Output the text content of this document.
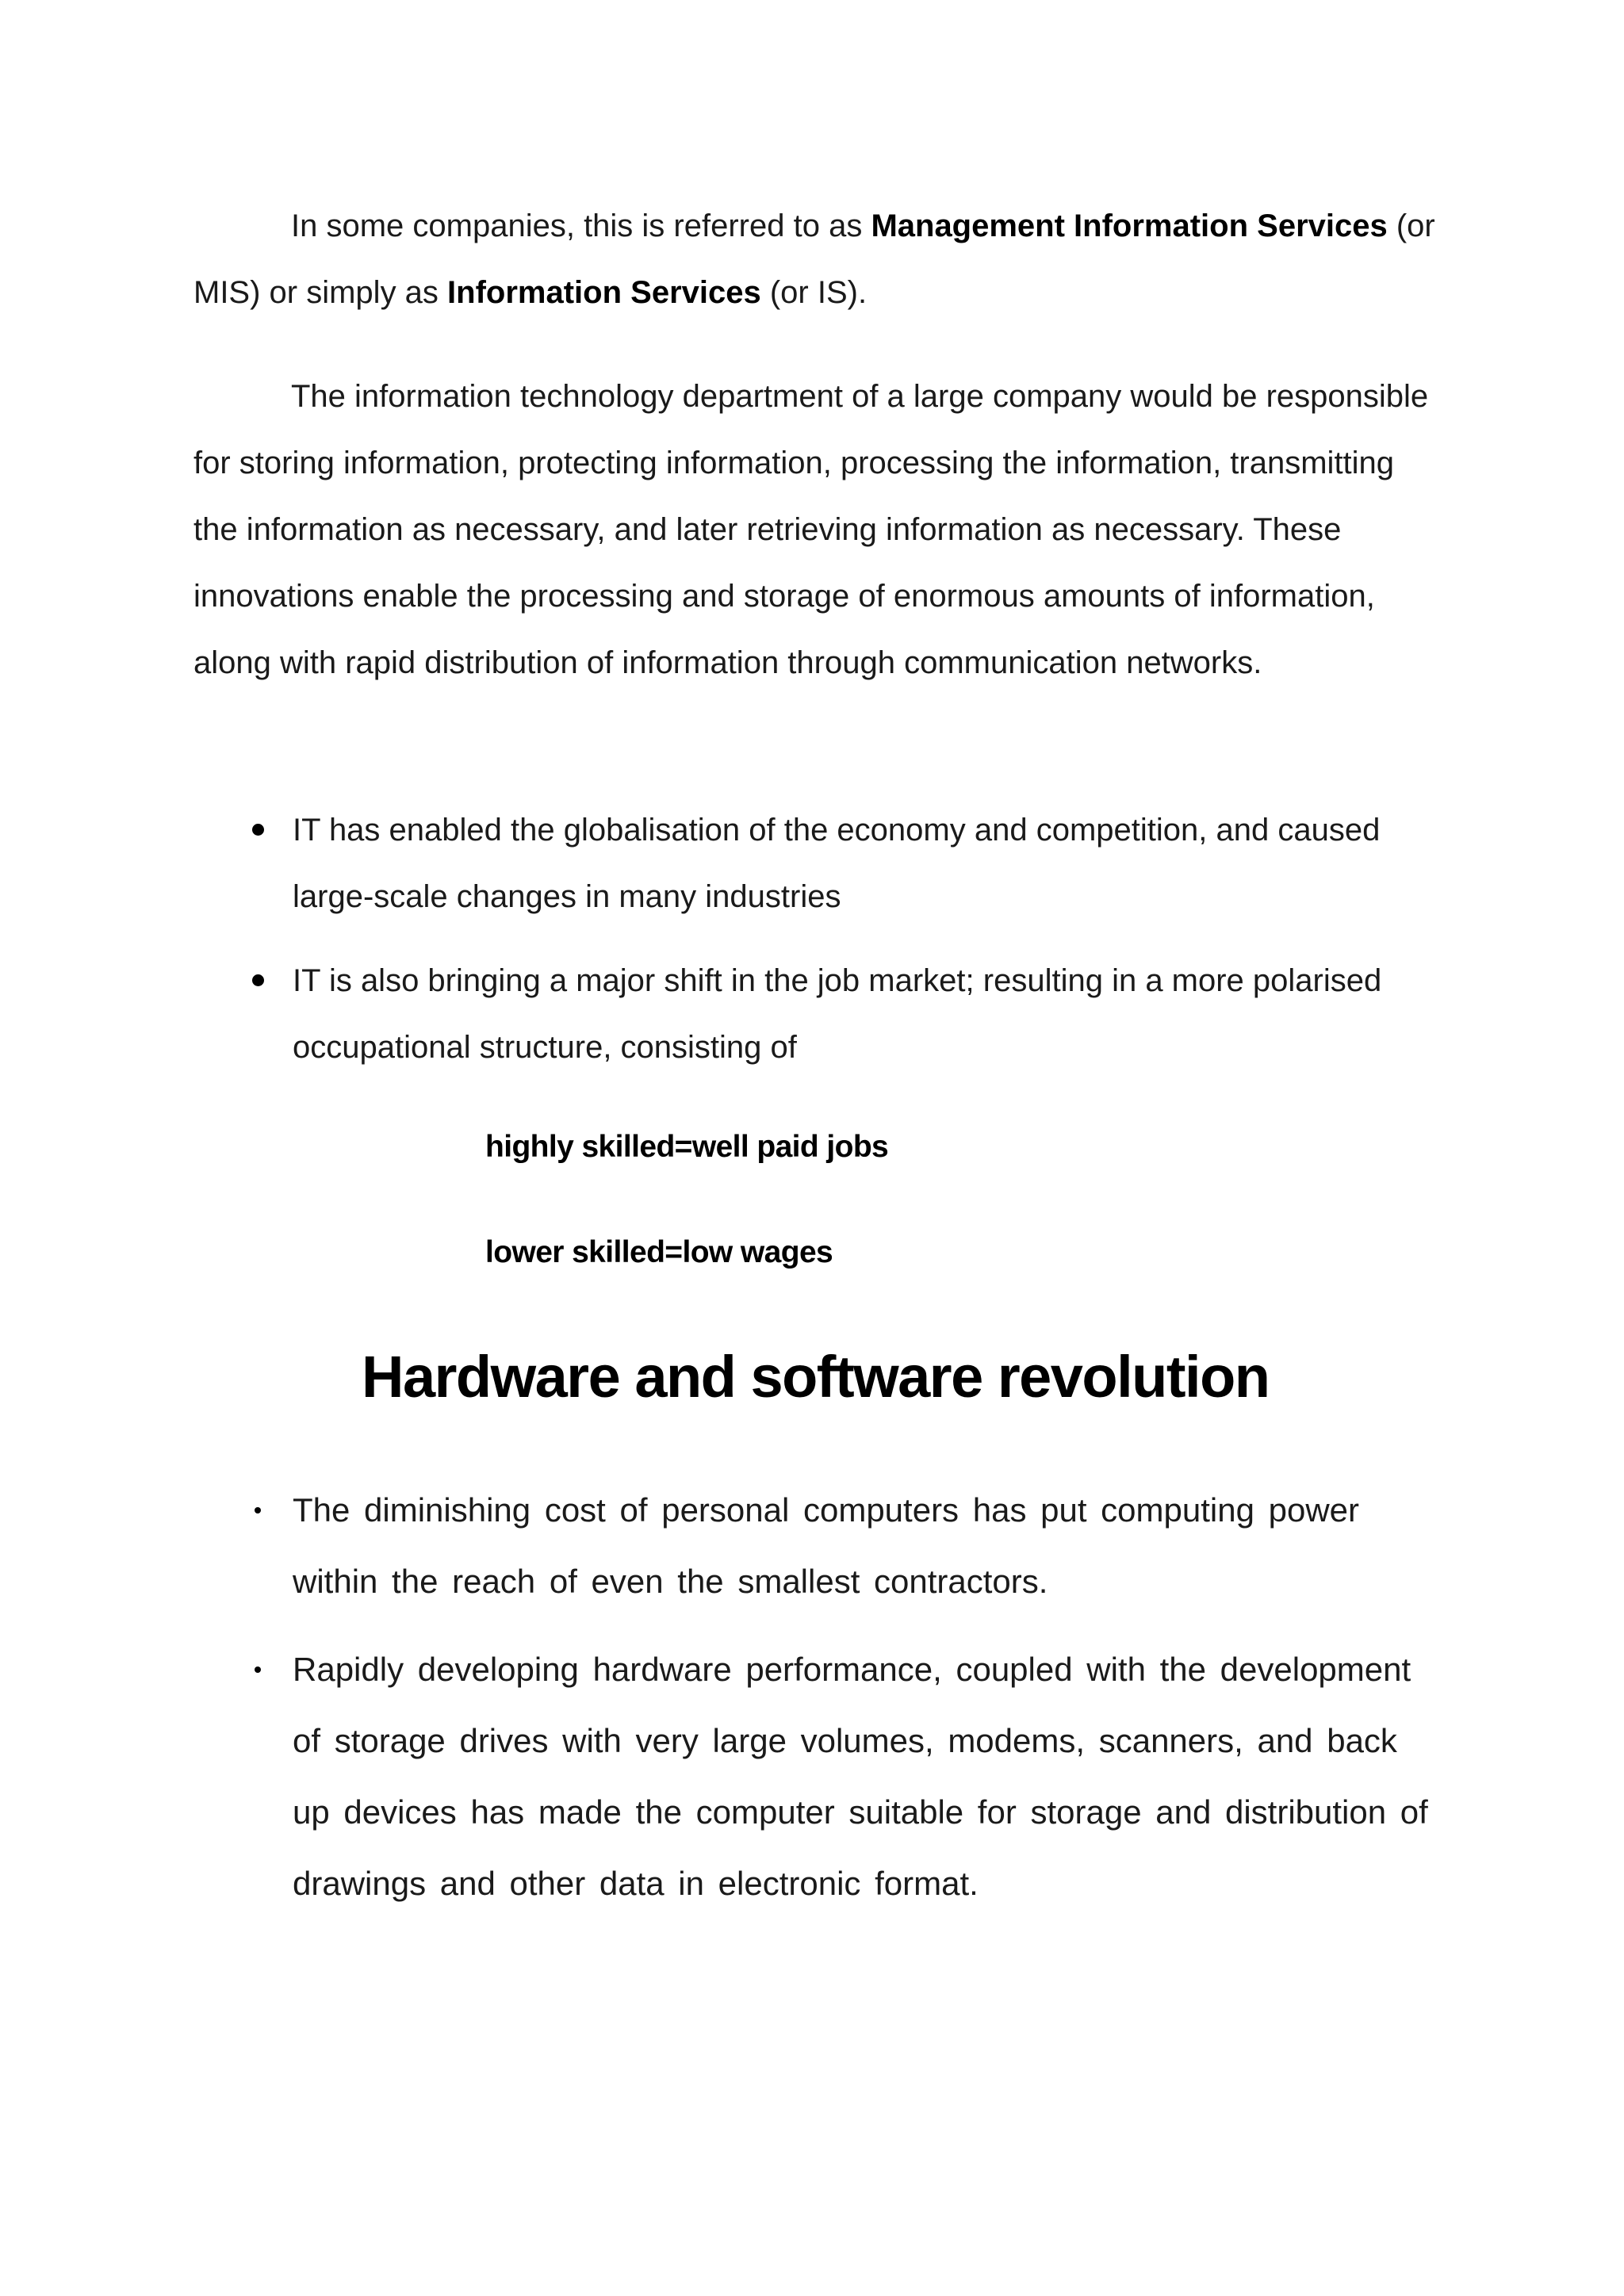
In some companies, this is referred to as Management Information Services (or MIS) or simply as Information Services (or IS).

The information technology department of a large company would be responsible for storing information, protecting information, processing the information, transmitting the information as necessary, and later retrieving information as necessary. These innovations enable the processing and storage of enormous amounts of information, along with rapid distribution of information through communication networks.

IT has enabled the globalisation of the economy and competition, and caused large-scale changes in many industries
IT is also bringing a major shift in the job market; resulting in a more polarised occupational structure, consisting of
highly skilled=well paid jobs
lower skilled=low wages
Hardware and software revolution
The diminishing cost of personal computers has put computing power within the reach of even the smallest contractors.
Rapidly developing hardware performance, coupled with the development of storage drives with very large volumes, modems, scanners, and back up devices has made the computer suitable for storage and distribution of drawings and other data in electronic format.
